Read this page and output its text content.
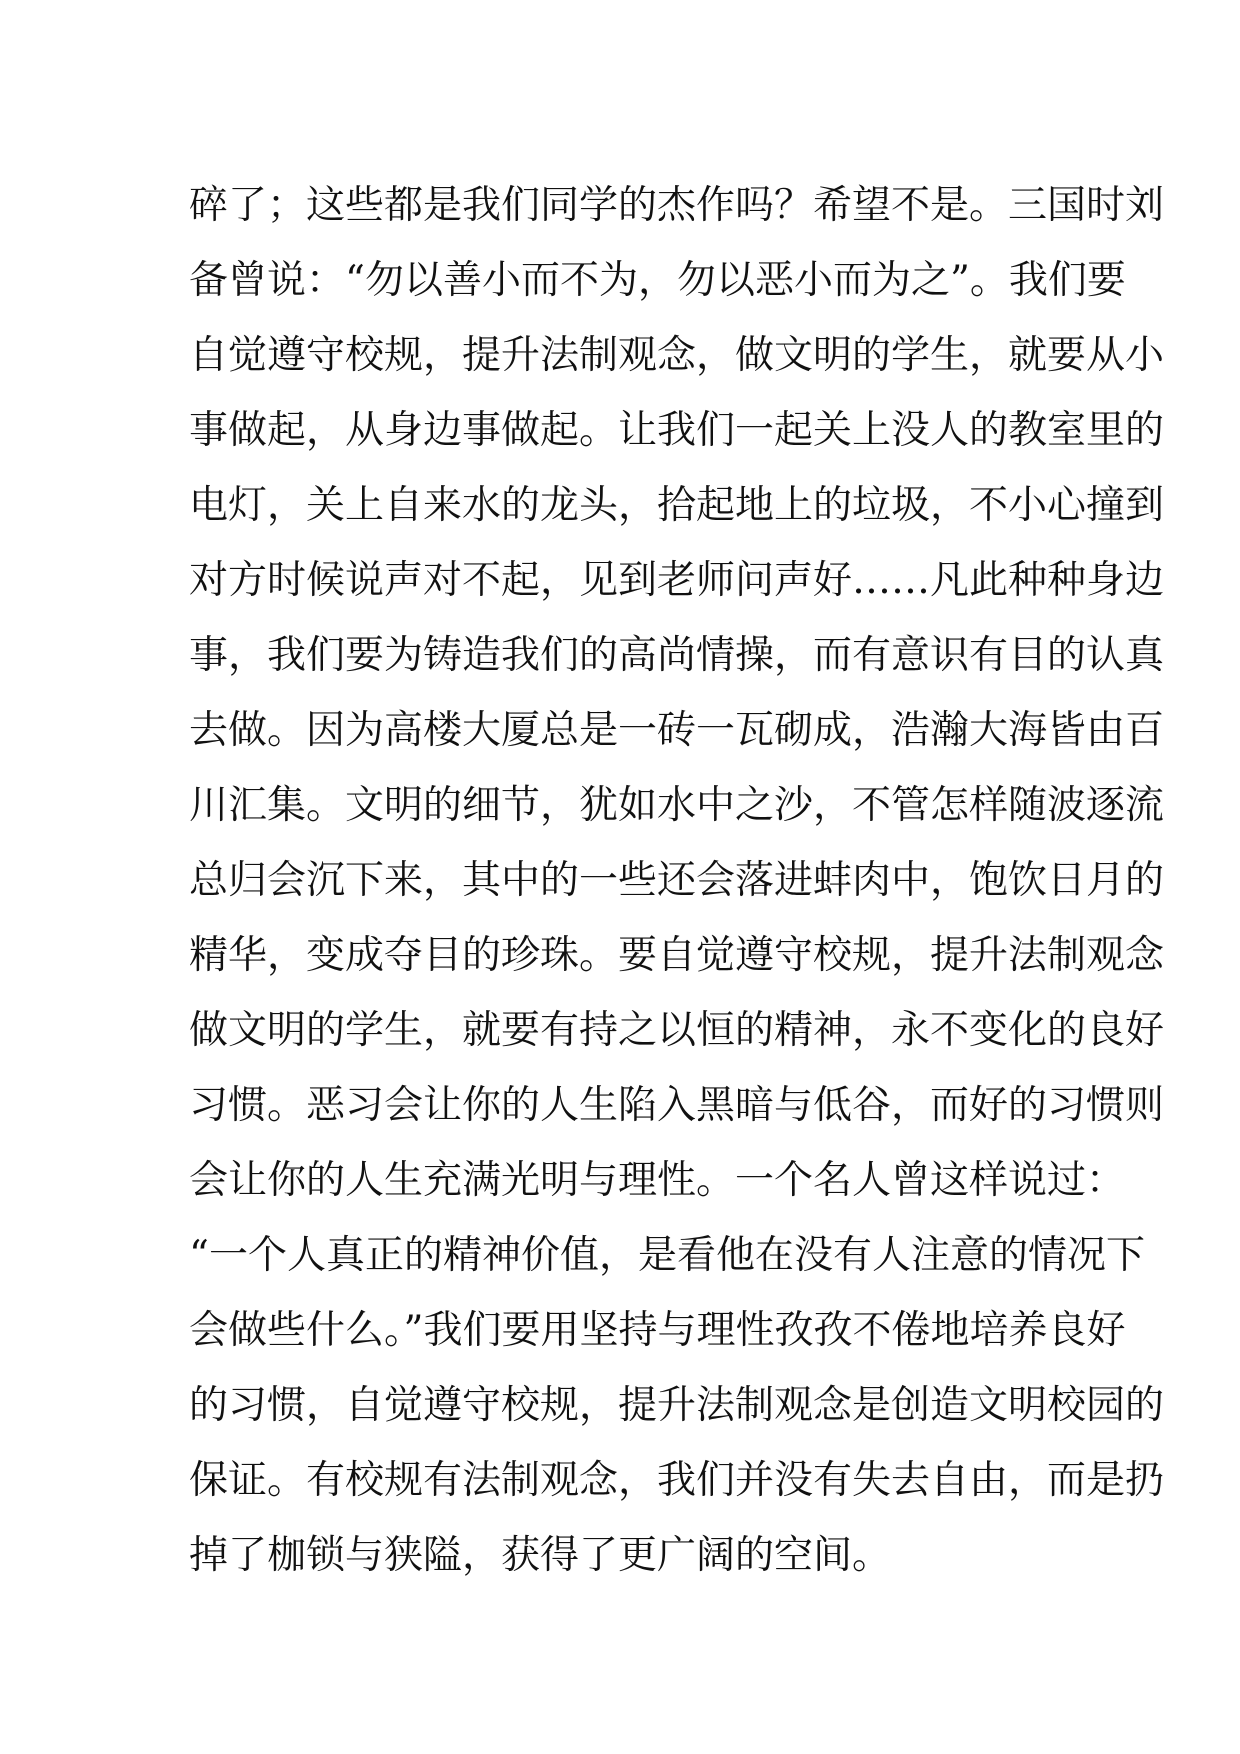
碎了；这些都是我们同学的杰作吗？希望不是。三国时刘
备曾说：“勿以善小而不为，勿以恶小而为之”。我们要
自觉遵守校规，提升法制观念，做文明的学生，就要从小
事做起，从身边事做起。让我们一起关上没人的教室里的
电灯，关上自来水的龙头，拾起地上的垃圾，不小心撞到
对方时候说声对不起，见到老师问声好……凡此种种身边
事，我们要为铸造我们的高尚情操，而有意识有目的认真
去做。因为高楼大厦总是一砖一瓦砌成，浩瀚大海皆由百
川汇集。文明的细节，犹如水中之沙，不管怎样随波逐流
总归会沉下来，其中的一些还会落进蚌肉中，饱饮日月的
精华，变成夺目的珍珠。要自觉遵守校规，提升法制观念
做文明的学生，就要有持之以恒的精神，永不变化的良好
习惯。恶习会让你的人生陷入黑暗与低谷，而好的习惯则
会让你的人生充满光明与理性。一个名人曾这样说过：
“一个人真正的精神价值，是看他在没有人注意的情况下
会做些什么。”我们要用坚持与理性孜孜不倦地培养良好
的习惯，自觉遵守校规，提升法制观念是创造文明校园的
保证。有校规有法制观念，我们并没有失去自由，而是扔
掉了枷锁与狭隘，获得了更广阔的空间。
